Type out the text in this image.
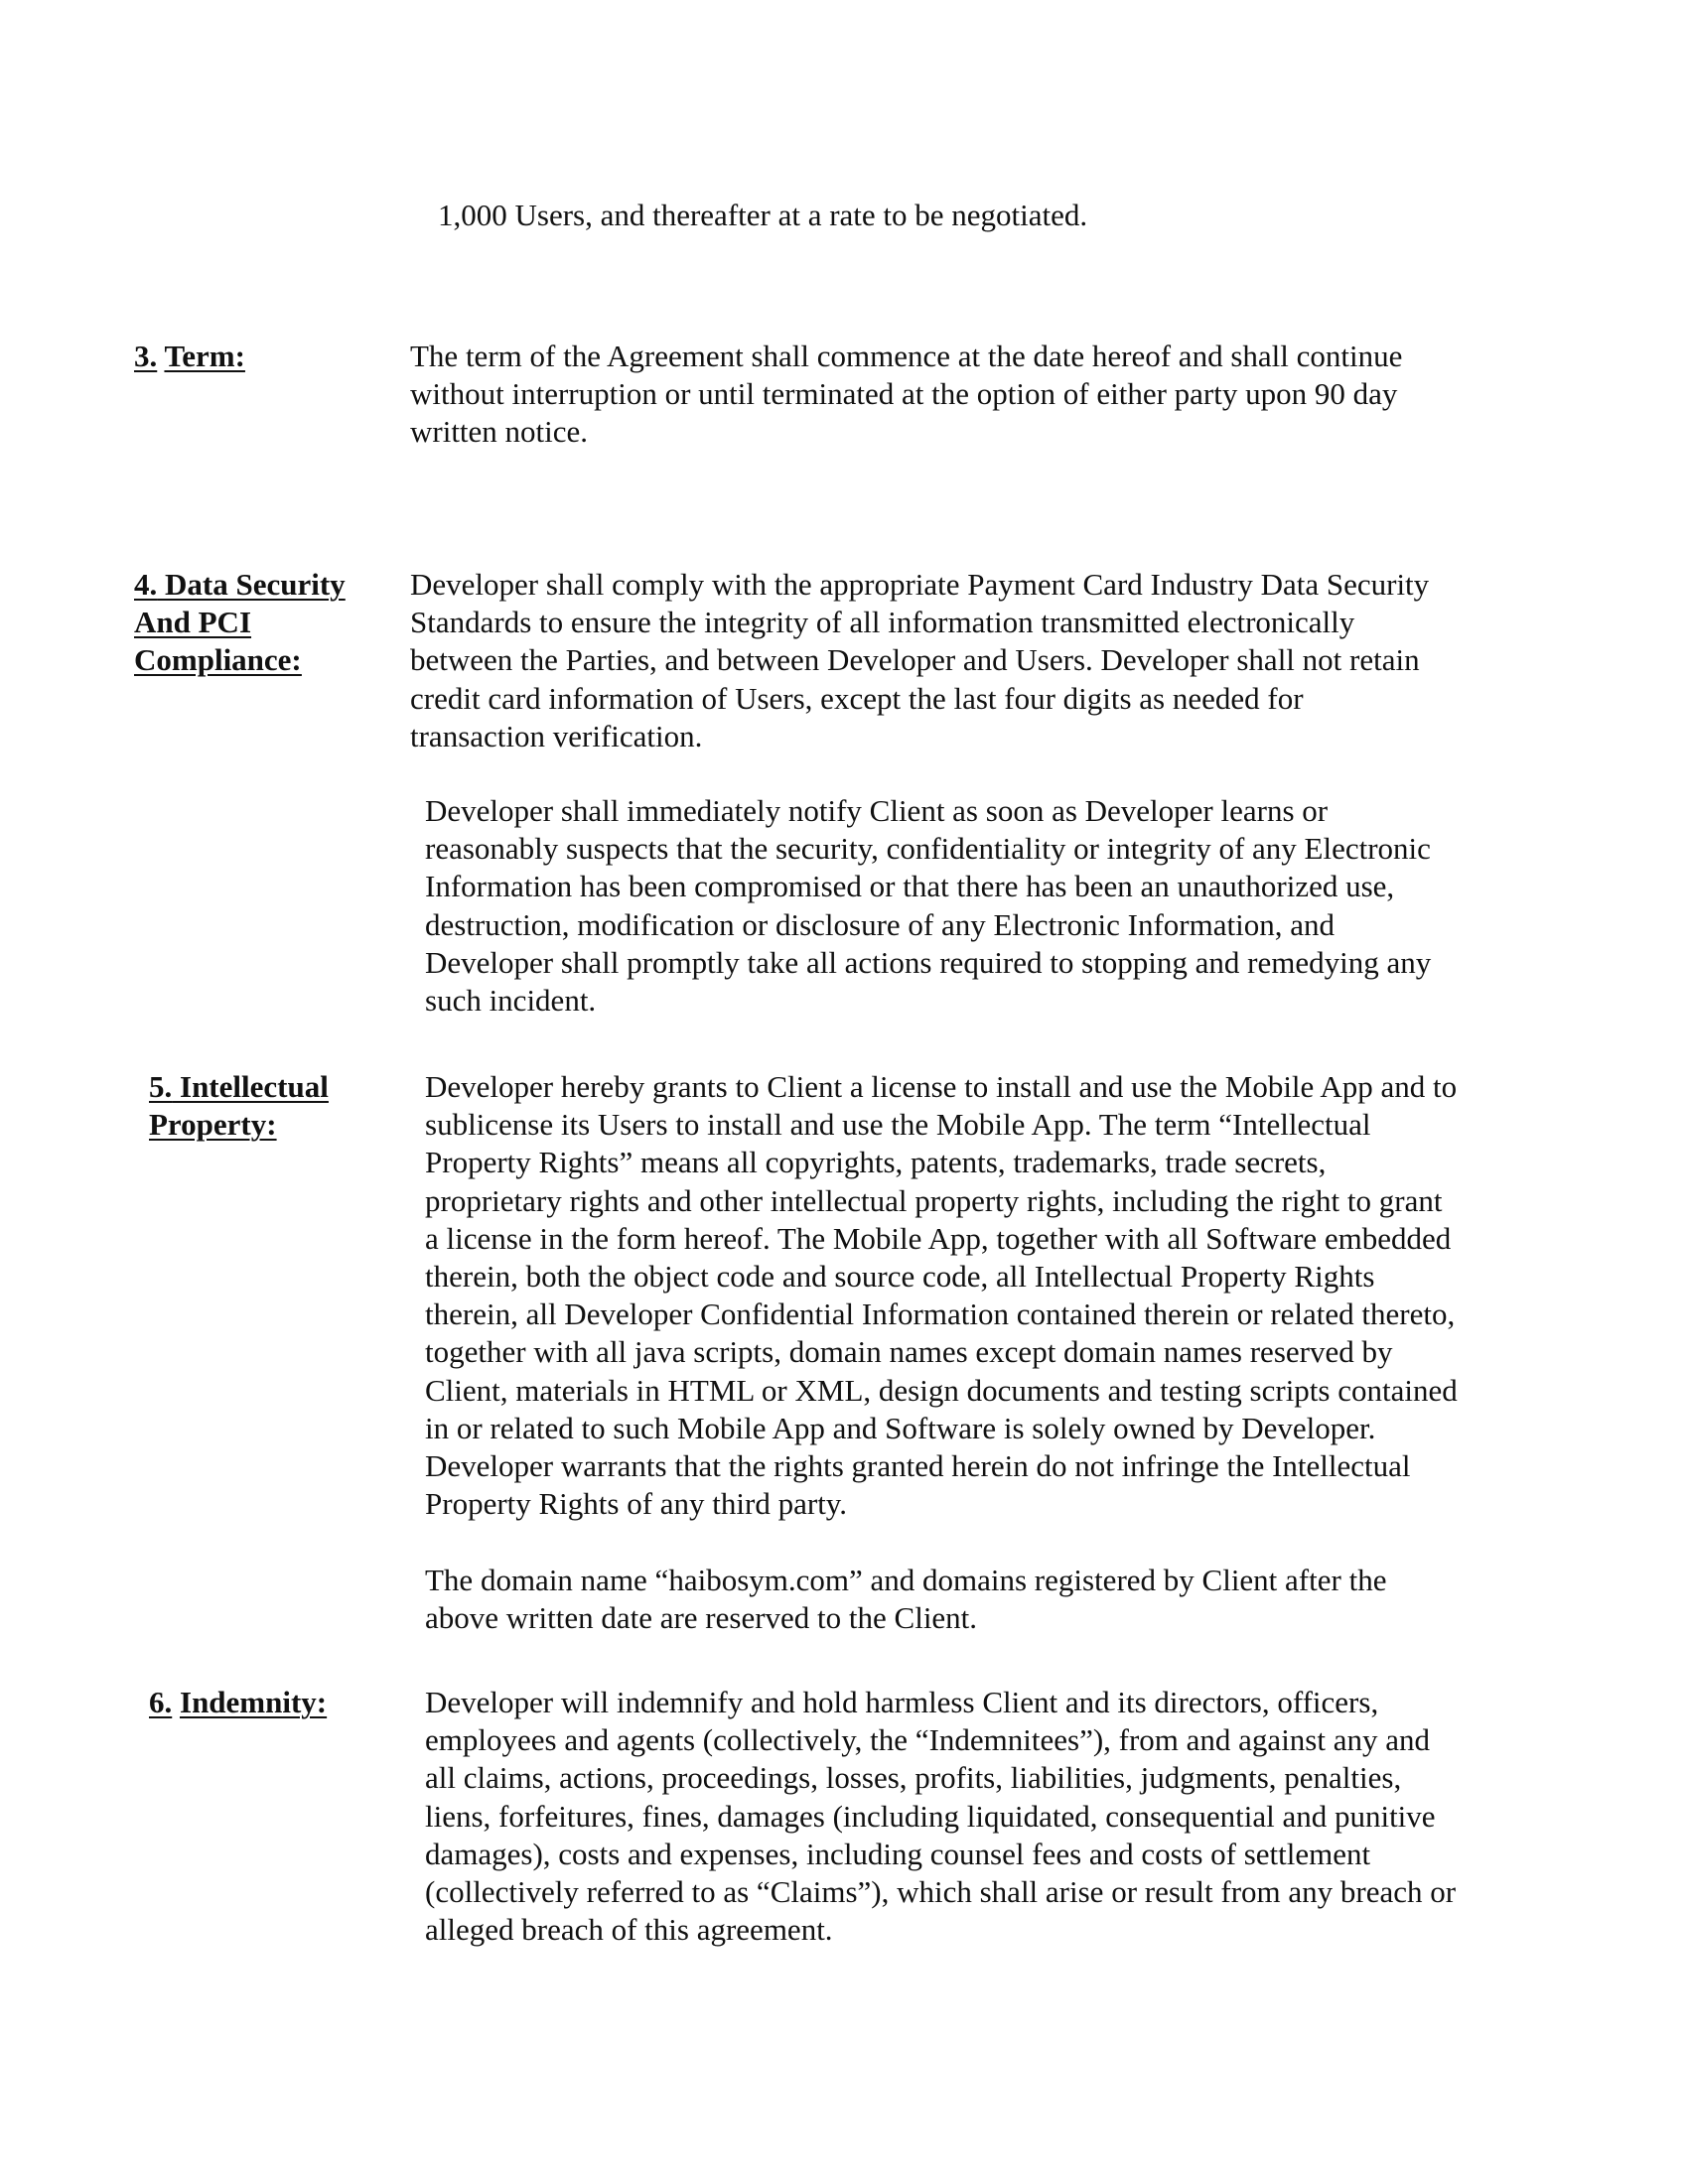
1,000 Users, and thereafter at a rate to be negotiated.

3. Term:	The term of the Agreement shall commence at the date hereof and shall continue
without interruption or until terminated at the option of either party upon 90 day
written notice.

4. Data Security
And PCI
Compliance:

Developer shall comply with the appropriate Payment Card Industry Data Security
Standards to ensure the integrity of all information transmitted electronically
between the Parties, and between Developer and Users. Developer shall not retain
credit card information of Users, except the last four digits as needed for
transaction verification.

Developer shall immediately notify Client as soon as Developer learns or
reasonably suspects that the security, confidentiality or integrity of any Electronic
Information has been compromised or that there has been an unauthorized use,
destruction, modification or disclosure of any Electronic Information, and
Developer shall promptly take all actions required to stopping and remedying any
such incident.

5. Intellectual
Property:

Developer hereby grants to Client a license to install and use the Mobile App and to
sublicense its Users to install and use the Mobile App. The term “Intellectual
Property Rights” means all copyrights, patents, trademarks, trade secrets,
proprietary rights and other intellectual property rights, including the right to grant
a license in the form hereof. The Mobile App, together with all Software embedded
therein, both the object code and source code, all Intellectual Property Rights
therein, all Developer Confidential Information contained therein or related thereto,
together with all java scripts, domain names except domain names reserved by
Client, materials in HTML or XML, design documents and testing scripts contained
in or related to such Mobile App and Software is solely owned by Developer.
Developer warrants that the rights granted herein do not infringe the Intellectual
Property Rights of any third party.

The domain name “haibosym.com” and domains registered by Client after the
above written date are reserved to the Client.

6. Indemnity:	Developer will indemnify and hold harmless Client and its directors, officers,
employees and agents (collectively, the “Indemnitees”), from and against any and
all claims, actions, proceedings, losses, profits, liabilities, judgments, penalties,
liens, forfeitures, fines, damages (including liquidated, consequential and punitive
damages), costs and expenses, including counsel fees and costs of settlement
(collectively referred to as “Claims”), which shall arise or result from any breach or
alleged breach of this agreement.
